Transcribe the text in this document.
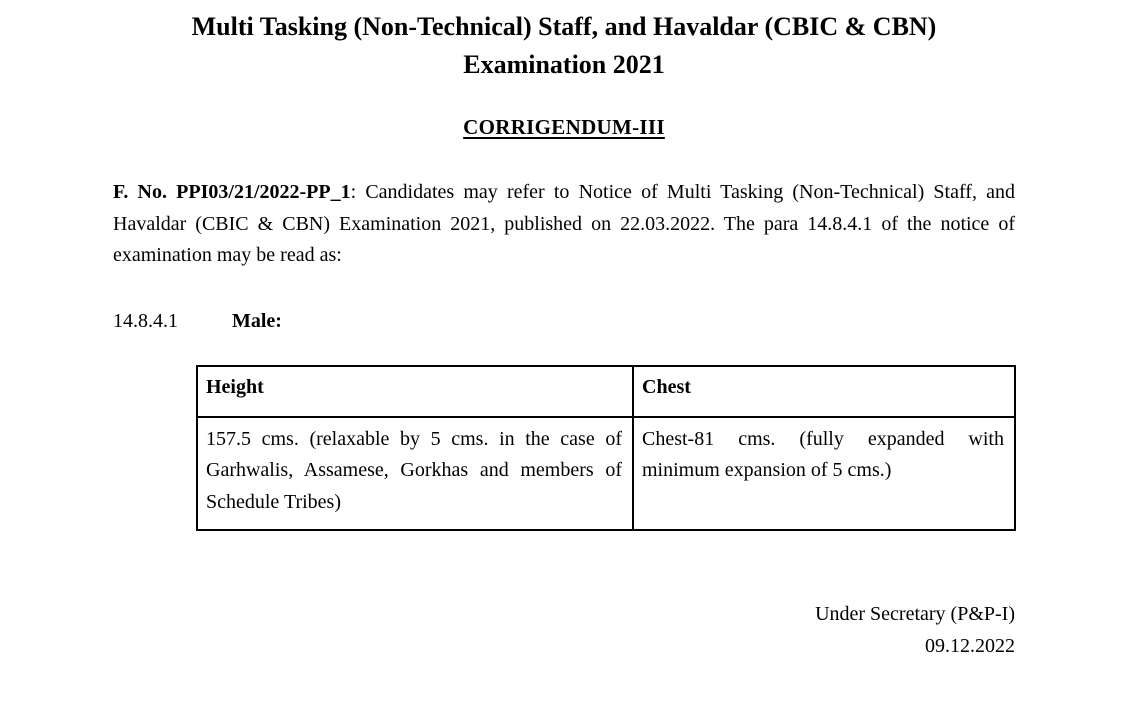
Multi Tasking (Non-Technical) Staff, and Havaldar (CBIC & CBN)
Examination 2021
CORRIGENDUM-III

F. No. PPI03/21/2022-PP_1: Candidates may refer to Notice of Multi Tasking (Non-Technical) Staff, and Havaldar (CBIC & CBN) Examination 2021, published on 22.03.2022. The para 14.8.4.1 of the notice of examination may be read as:

14.8.4.1	Male:
Height	Chest
157.5 cms. (relaxable by 5 cms. in the case of Garhwalis, Assamese, Gorkhas and members of Schedule Tribes)	Chest-81 cms. (fully expanded with minimum expansion of 5 cms.)
Under Secretary (P&P-I)
09.12.2022
